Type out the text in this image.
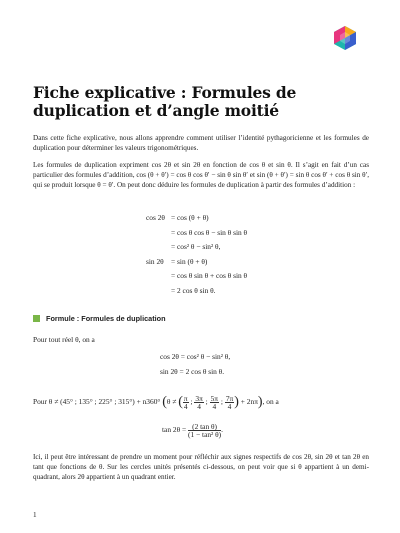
Fiche explicative : Formules de duplication et d’angle moitié

Dans cette fiche explicative, nous allons apprendre comment utiliser l’identité pythagoricienne et les formules de duplication pour déterminer les valeurs trigonométriques.

Les formules de duplication expriment cos 2θ et sin 2θ en fonction de cos θ et sin θ. Il s’agit en fait d’un cas particulier des formules d’addition, cos (θ + θ′) = cos θ cos θ′ − sin θ sin θ′ et sin (θ + θ′) = sin θ cos θ′ + cos θ sin θ′, qui se produit lorsque θ = θ′. On peut donc déduire les formules de duplication à partir des formules d’addition :

cos 2θ = cos (θ + θ)
= cos θ cos θ − sin θ sin θ
= cos² θ − sin² θ,
sin 2θ = sin (θ + θ)
= cos θ sin θ + cos θ sin θ
= 2 cos θ sin θ.
Formule : Formules de duplication
Pour tout réel θ, on a
cos 2θ = cos² θ − sin² θ,
sin 2θ = 2 cos θ sin θ.
Pour θ ≠ (45° ; 135° ; 225° ; 315°) + n360° (θ ≠ ( $\frac{\pi}{4}$ ; $\frac{3\pi}{4}$ ; $\frac{5\pi}{4}$ ; $\frac{7\pi}{4}$ ) + 2nπ), on a
$\tan 2\theta = \frac{\text{(2 tan θ)}}{\text{(1 − tan² θ)}}$ .

Ici, il peut être intéressant de prendre un moment pour réfléchir aux signes respectifs de cos 2θ, sin 2θ et tan 2θ en tant que fonctions de θ. Sur les cercles unités présentés ci-dessous, on peut voir que si θ appartient à un demi-quadrant, alors 2θ appartient à un quadrant entier.

1
